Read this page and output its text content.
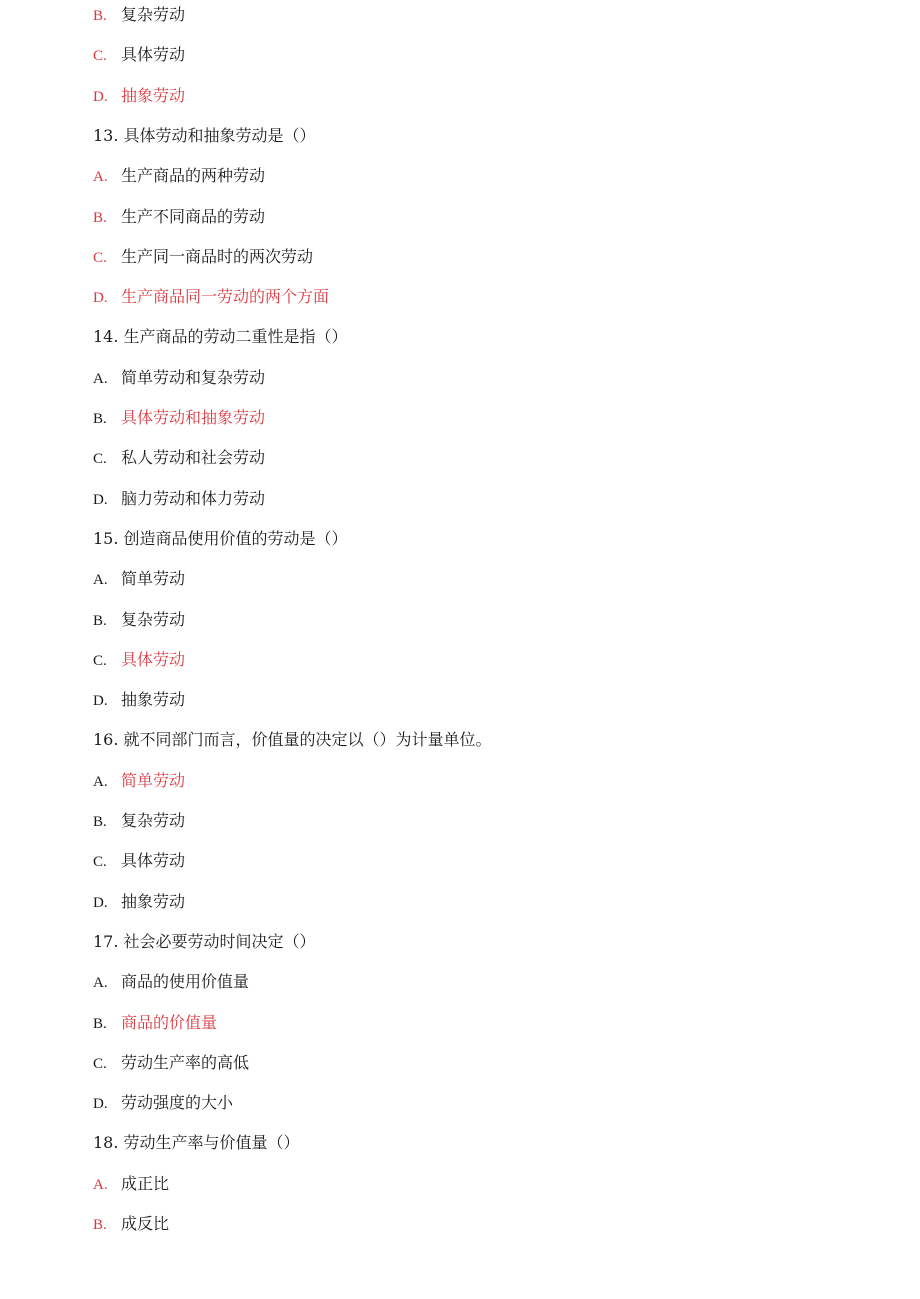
B. 复杂劳动
C. 具体劳动
D. 抽象劳动
13. 具体劳动和抽象劳动是（）
A. 生产商品的两种劳动
B. 生产不同商品的劳动
C. 生产同一商品时的两次劳动
D. 生产商品同一劳动的两个方面
14. 生产商品的劳动二重性是指（）
A. 简单劳动和复杂劳动
B. 具体劳动和抽象劳动
C. 私人劳动和社会劳动
D. 脑力劳动和体力劳动
15. 创造商品使用价值的劳动是（）
A. 简单劳动
B. 复杂劳动
C. 具体劳动
D. 抽象劳动
16. 就不同部门而言，价值量的决定以（）为计量单位。
A. 简单劳动
B. 复杂劳动
C. 具体劳动
D. 抽象劳动
17. 社会必要劳动时间决定（）
A. 商品的使用价值量
B. 商品的价值量
C. 劳动生产率的高低
D. 劳动强度的大小
18. 劳动生产率与价值量（）
A. 成正比
B. 成反比
